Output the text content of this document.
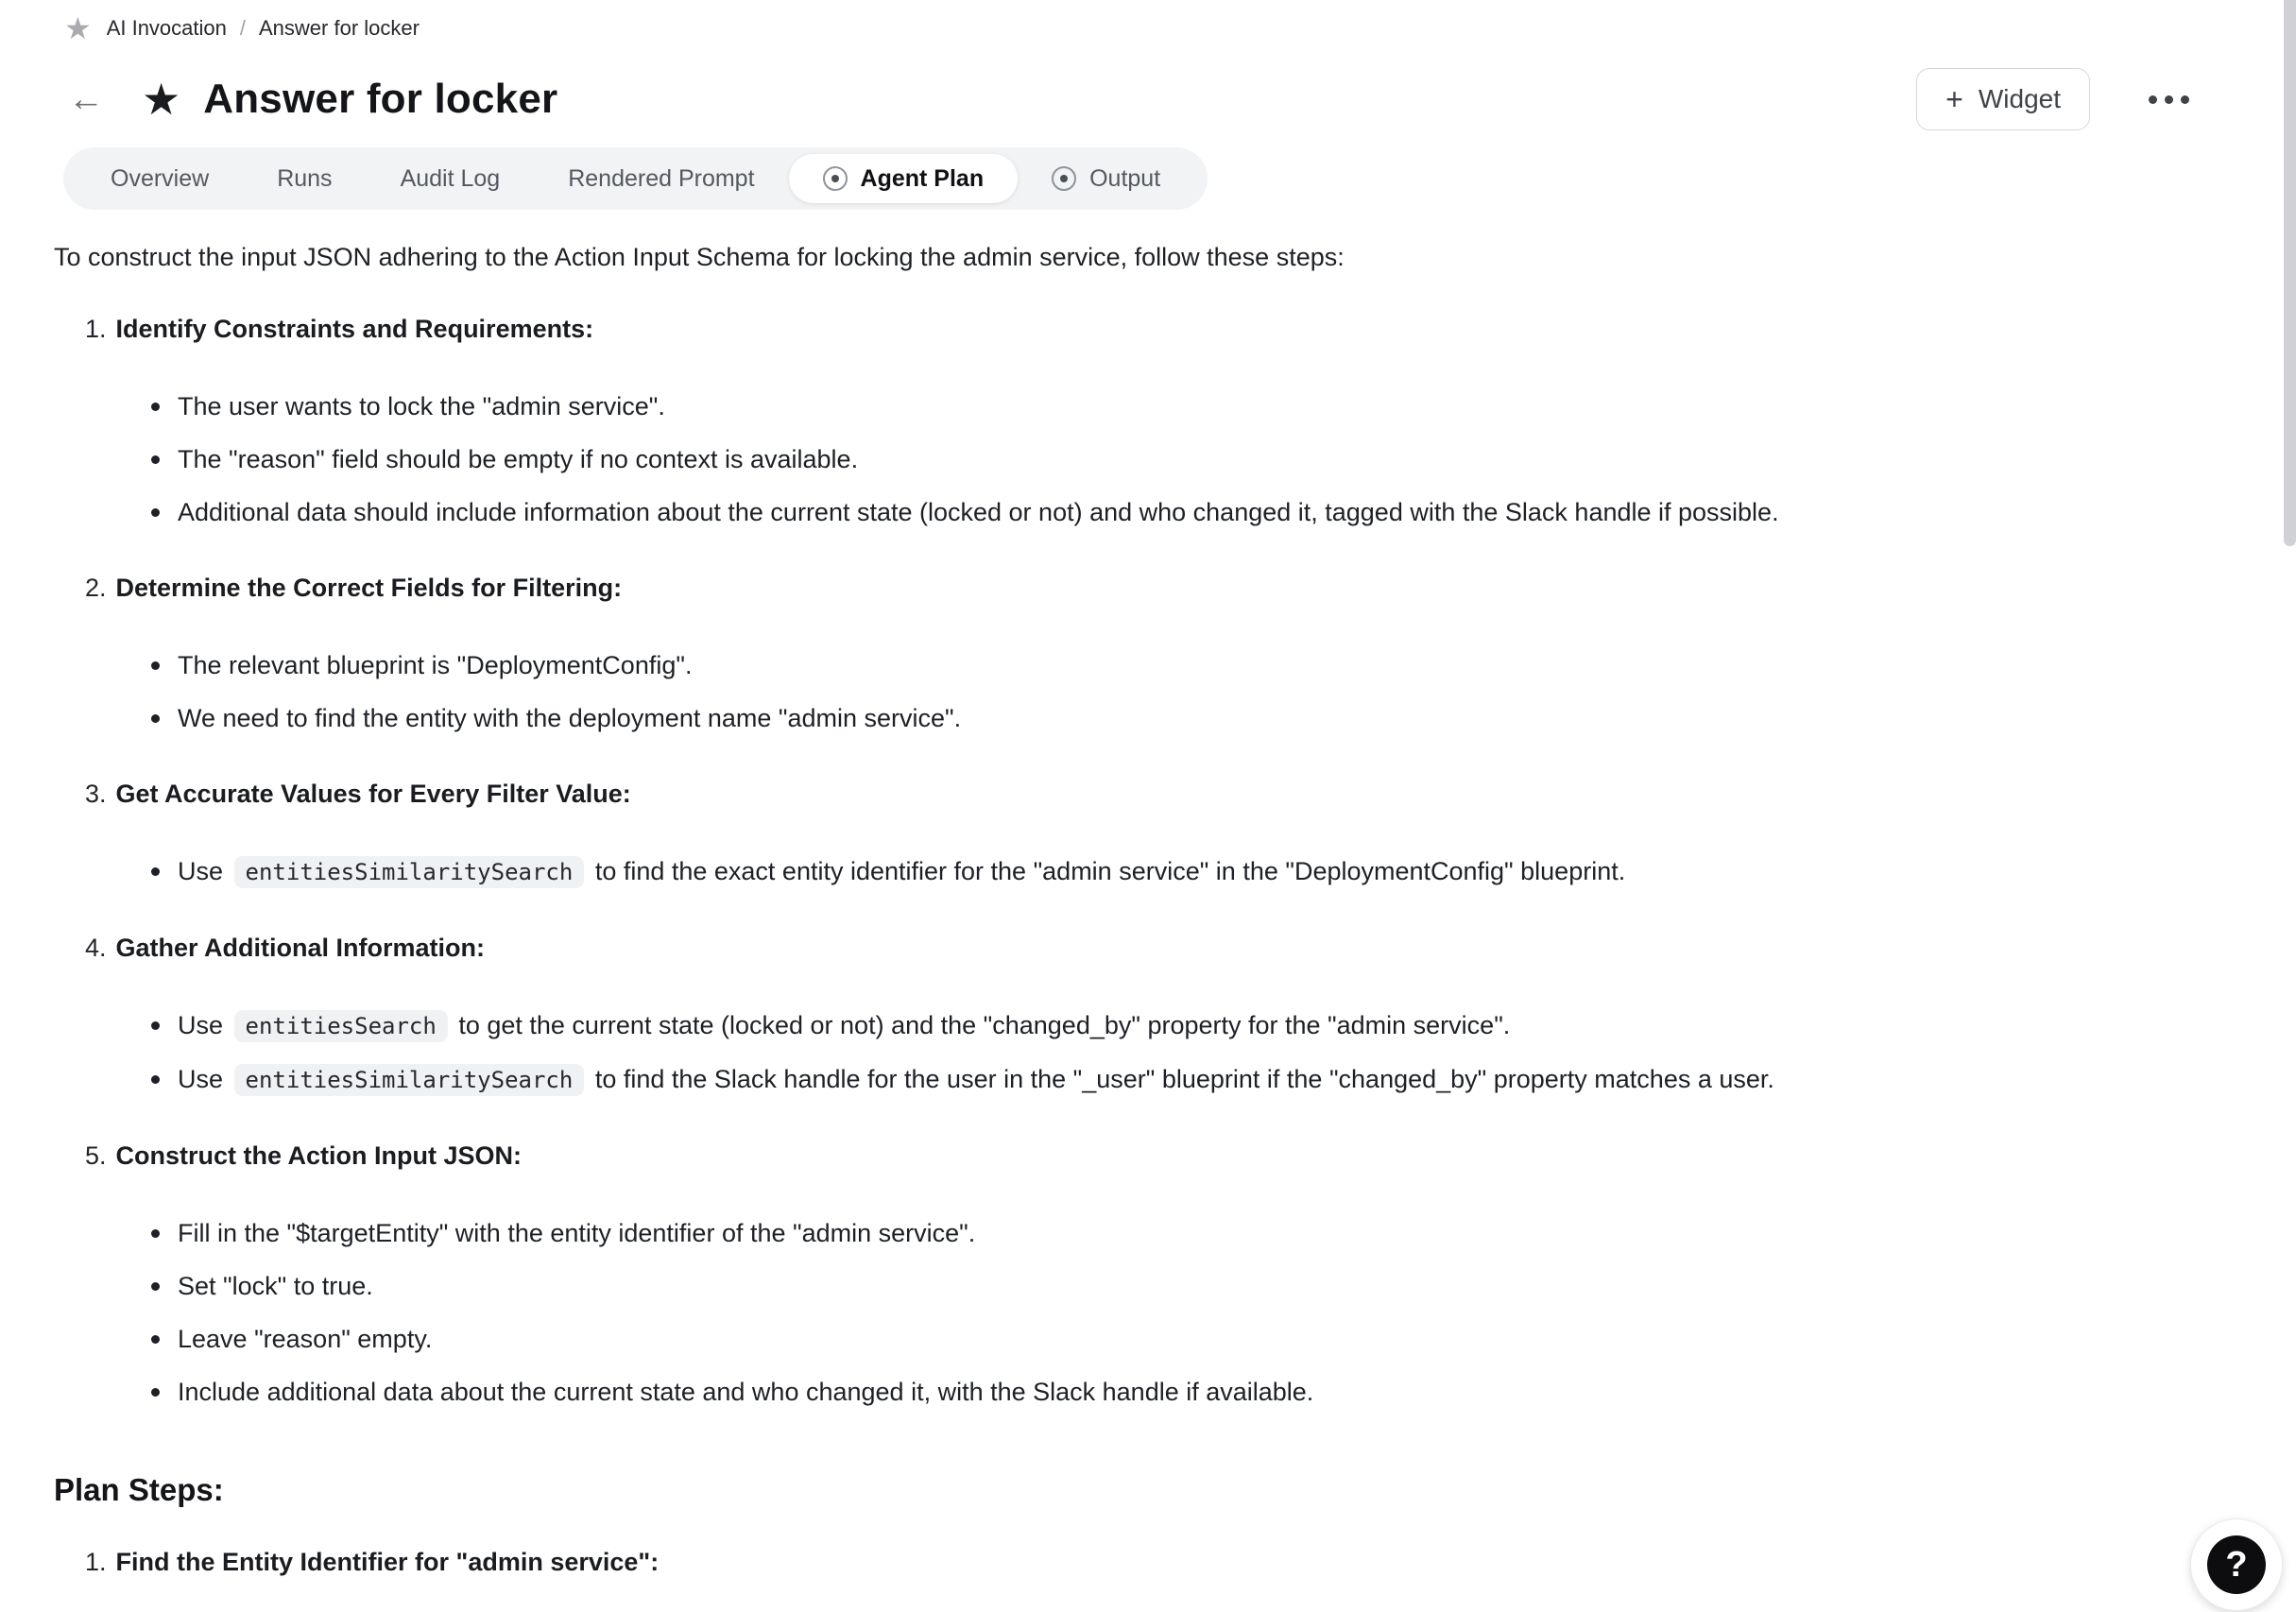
★ AI Invocation / Answer for locker
← ★ Answer for locker	+ Widget
Overview	Runs	Audit Log	Rendered Prompt	Agent Plan	Output

To construct the input JSON adhering to the Action Input Schema for locking the admin service, follow these steps:

1. Identify Constraints and Requirements:
The user wants to lock the "admin service".
The "reason" field should be empty if no context is available.
Additional data should include information about the current state (locked or not) and who changed it, tagged with the Slack handle if possible.
2. Determine the Correct Fields for Filtering:
The relevant blueprint is "DeploymentConfig".
We need to find the entity with the deployment name "admin service".
3. Get Accurate Values for Every Filter Value:
Use entitiesSimilaritySearch to find the exact entity identifier for the "admin service" in the "DeploymentConfig" blueprint.
4. Gather Additional Information:
Use entitiesSearch to get the current state (locked or not) and the "changed_by" property for the "admin service".
Use entitiesSimilaritySearch to find the Slack handle for the user in the "_user" blueprint if the "changed_by" property matches a user.
5. Construct the Action Input JSON:
Fill in the "$targetEntity" with the entity identifier of the "admin service".
Set "lock" to true.
Leave "reason" empty.
Include additional data about the current state and who changed it, with the Slack handle if available.
Plan Steps:
1. Find the Entity Identifier for "admin service":	?
